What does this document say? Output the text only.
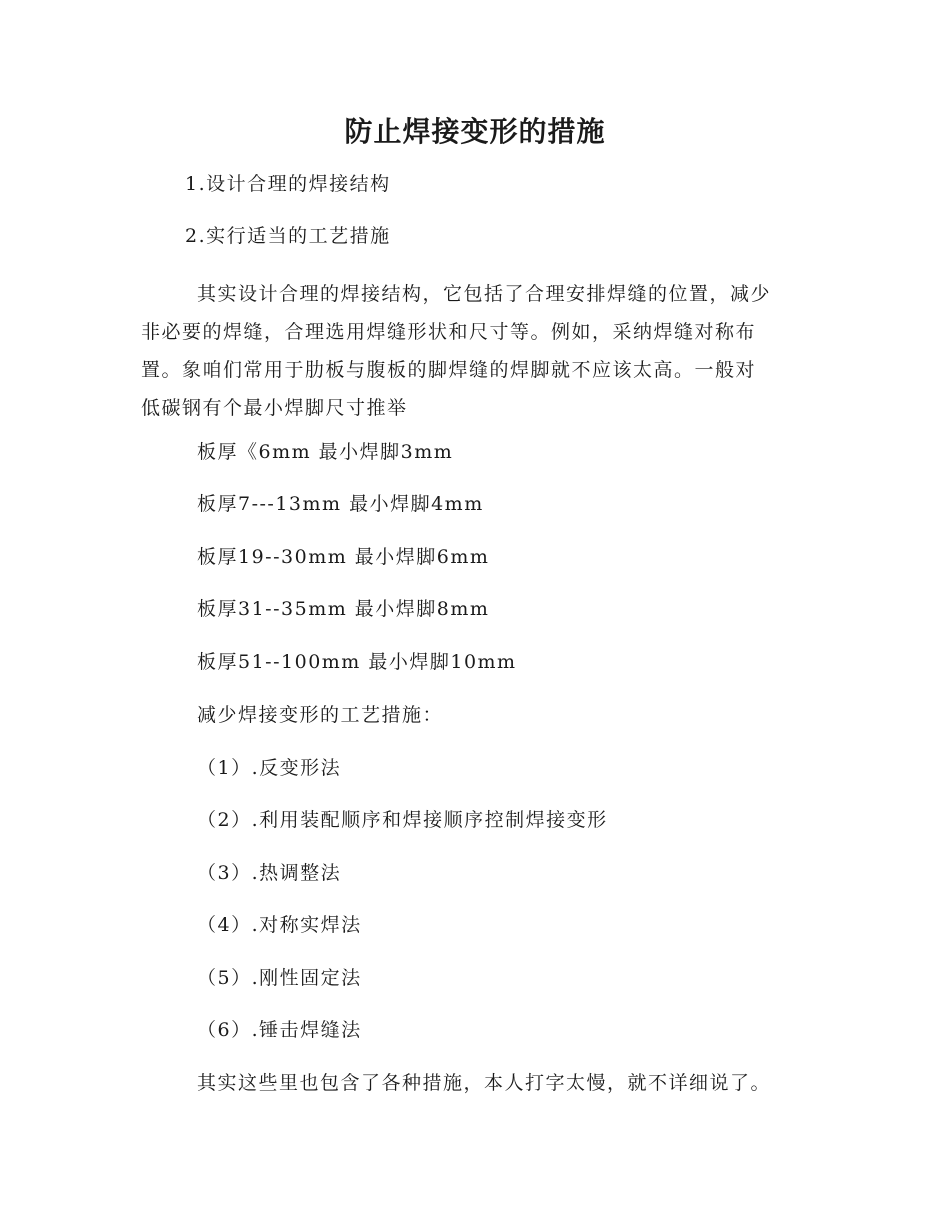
防止焊接变形的措施

1.设计合理的焊接结构

2.实行适当的工艺措施

其实设计合理的焊接结构，它包括了合理安排焊缝的位置，减少
非必要的焊缝，合理选用焊缝形状和尺寸等。例如，采纳焊缝对称布
置。象咱们常用于肋板与腹板的脚焊缝的焊脚就不应该太高。一般对
低碳钢有个最小焊脚尺寸推举

板厚《6mm 最小焊脚3mm

板厚7---13mm 最小焊脚4mm

板厚19--30mm 最小焊脚6mm

板厚31--35mm 最小焊脚8mm

板厚51--100mm 最小焊脚10mm

减少焊接变形的工艺措施：

（1）.反变形法

（2）.利用装配顺序和焊接顺序控制焊接变形

（3）.热调整法

（4）.对称实焊法

（5）.刚性固定法

（6）.锤击焊缝法

其实这些里也包含了各种措施，本人打字太慢，就不详细说了。
